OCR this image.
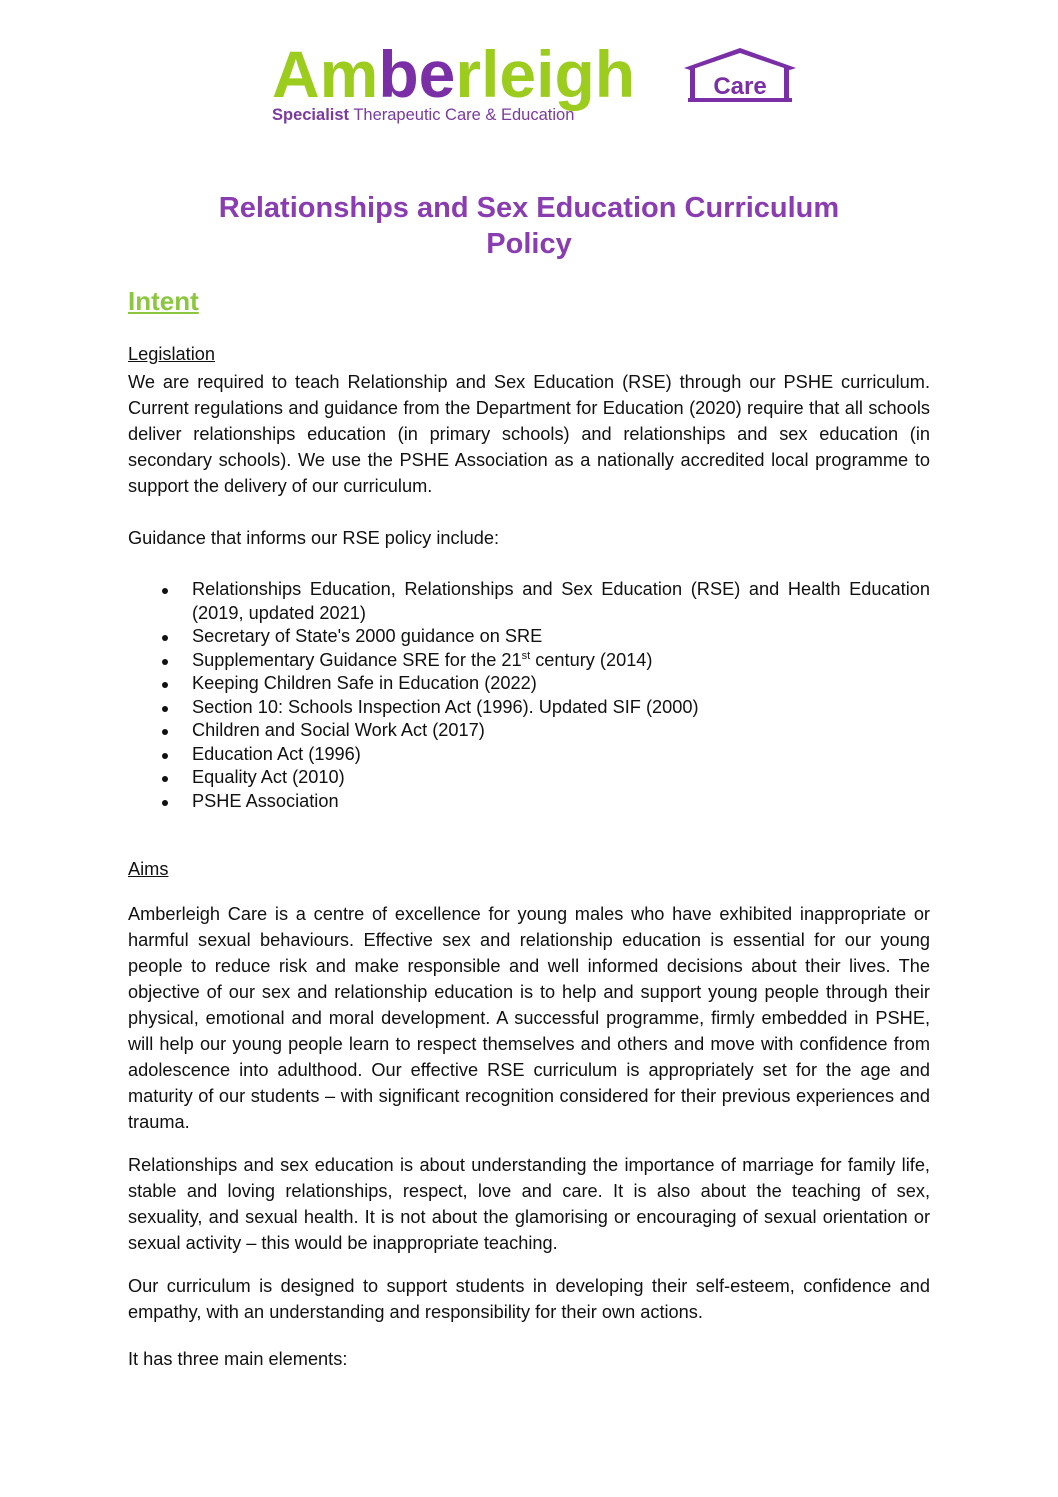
Amberleigh	Care
Specialist Therapeutic Care & Education
Relationships and Sex Education Curriculum
Policy
Intent
Legislation
We are required to teach Relationship and Sex Education (RSE) through our PSHE curriculum. Current regulations and guidance from the Department for Education (2020) require that all schools deliver relationships education (in primary schools) and relationships and sex education (in secondary schools). We use the PSHE Association as a nationally accredited local programme to support the delivery of our curriculum.
Guidance that informs our RSE policy include:
Relationships Education, Relationships and Sex Education (RSE) and Health Education (2019, updated 2021)
Secretary of State's 2000 guidance on SRE
Supplementary Guidance SRE for the 21st century (2014)
Keeping Children Safe in Education (2022)
Section 10: Schools Inspection Act (1996). Updated SIF (2000)
Children and Social Work Act (2017)
Education Act (1996)
Equality Act (2010)
PSHE Association
Aims
Amberleigh Care is a centre of excellence for young males who have exhibited inappropriate or harmful sexual behaviours. Effective sex and relationship education is essential for our young people to reduce risk and make responsible and well informed decisions about their lives. The objective of our sex and relationship education is to help and support young people through their physical, emotional and moral development. A successful programme, firmly embedded in PSHE, will help our young people learn to respect themselves and others and move with confidence from adolescence into adulthood. Our effective RSE curriculum is appropriately set for the age and maturity of our students – with significant recognition considered for their previous experiences and trauma.
Relationships and sex education is about understanding the importance of marriage for family life, stable and loving relationships, respect, love and care. It is also about the teaching of sex, sexuality, and sexual health. It is not about the glamorising or encouraging of sexual orientation or sexual activity – this would be inappropriate teaching.
Our curriculum is designed to support students in developing their self-esteem, confidence and empathy, with an understanding and responsibility for their own actions.
It has three main elements:
